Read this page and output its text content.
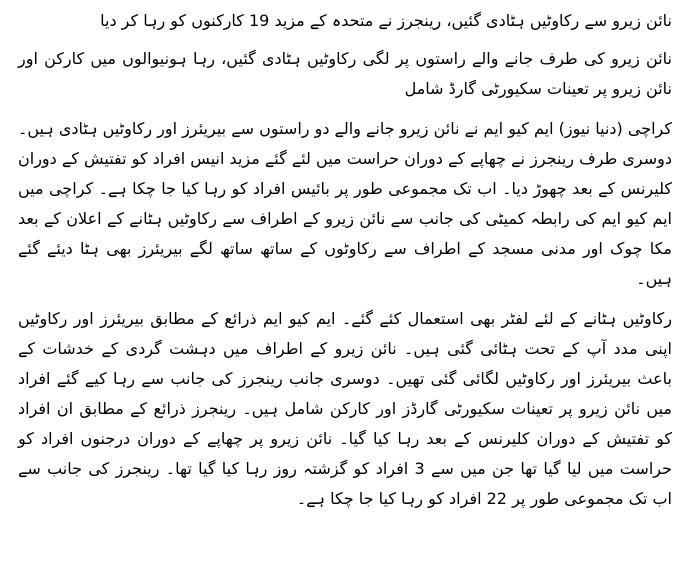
نائن زیرو سے رکاوٹیں ہٹادی گئیں، رینجرز نے متحدہ کے مزید 19 کارکنوں کو رہا کر دیا

نائن زیرو کی طرف جانے والے راستوں پر لگی رکاوٹیں ہٹادی گئیں، رہا ہونیوالوں میں کارکن اور نائن زیرو پر تعینات سکیورٹی گارڈ شامل

کراچی (دنیا نیوز) ایم کیو ایم نے نائن زیرو جانے والے دو راستوں سے بیریئرز اور رکاوٹیں ہٹادی ہیں۔ دوسری طرف رینجرز نے چھاپے کے دوران حراست میں لئے گئے مزید انیس افراد کو تفتیش کے دوران کلیرنس کے بعد چھوڑ دیا۔ اب تک مجموعی طور پر بائیس افراد کو رہا کیا جا چکا ہے۔ کراچی میں ایم کیو ایم کی رابطہ کمیٹی کی جانب سے نائن زیرو کے اطراف سے رکاوٹیں ہٹانے کے اعلان کے بعد مکا چوک اور مدنی مسجد کے اطراف سے رکاوٹوں کے ساتھ ساتھ لگے بیریئرز بھی ہٹا دیئے گئے ہیں۔

رکاوٹیں ہٹانے کے لئے لفٹر بھی استعمال کئے گئے۔ ایم کیو ایم ذرائع کے مطابق بیریئرز اور رکاوٹیں اپنی مدد آپ کے تحت ہٹائی گئی ہیں۔ نائن زیرو کے اطراف میں دہشت گردی کے خدشات کے باعث بیریئرز اور رکاوٹیں لگائی گئی تھیں۔ دوسری جانب رینجرز کی جانب سے رہا کیے گئے افراد میں نائن زیرو پر تعینات سکیورٹی گارڈز اور کارکن شامل ہیں۔ رینجرز ذرائع کے مطابق ان افراد کو تفتیش کے دوران کلیرنس کے بعد رہا کیا گیا۔ نائن زیرو پر چھاپے کے دوران درجنوں افراد کو حراست میں لیا گیا تھا جن میں سے 3 افراد کو گزشتہ روز رہا کیا گیا تھا۔ رینجرز کی جانب سے اب تک مجموعی طور پر 22 افراد کو رہا کیا جا چکا ہے۔
